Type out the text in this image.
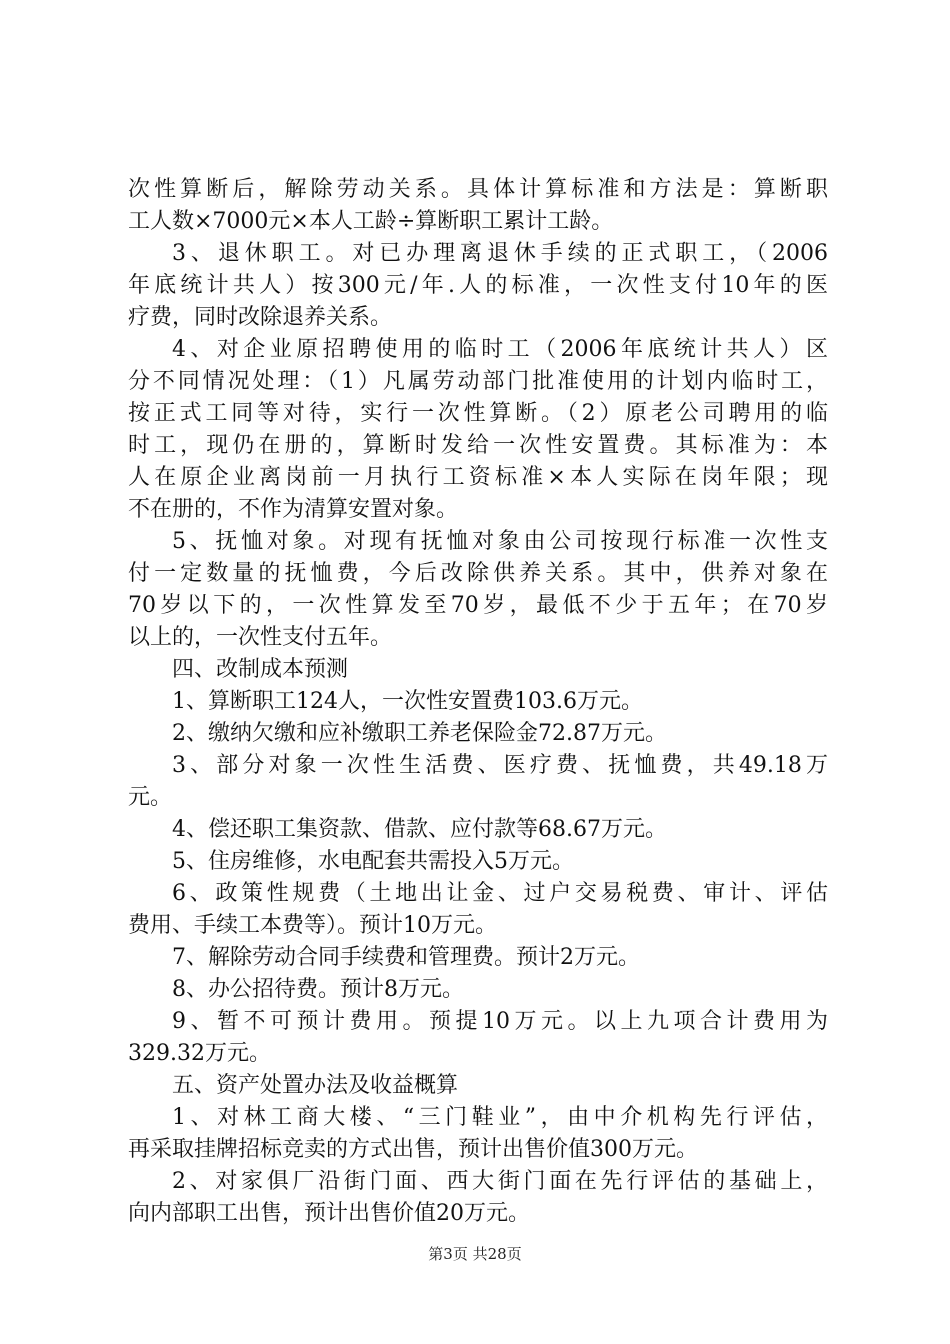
次性算断后，解除劳动关系。具体计算标准和方法是：算断职
工人数×7000元×本人工龄÷算断职工累计工龄。
3、退休职工。对已办理离退休手续的正式职工，（2006
年底统计共人）按300元/年.人的标准，一次性支付10年的医
疗费，同时改除退养关系。
4、对企业原招聘使用的临时工（2006年底统计共人）区
分不同情况处理：（1）凡属劳动部门批准使用的计划内临时工，
按正式工同等对待，实行一次性算断。（2）原老公司聘用的临
时工，现仍在册的，算断时发给一次性安置费。其标准为：本
人在原企业离岗前一月执行工资标准×本人实际在岗年限；现
不在册的，不作为清算安置对象。
5、抚恤对象。对现有抚恤对象由公司按现行标准一次性支
付一定数量的抚恤费，今后改除供养关系。其中，供养对象在
70岁以下的，一次性算发至70岁，最低不少于五年；在70岁
以上的，一次性支付五年。
四、改制成本预测
1、算断职工124人，一次性安置费103.6万元。
2、缴纳欠缴和应补缴职工养老保险金72.87万元。
3、部分对象一次性生活费、医疗费、抚恤费，共49.18万
元。
4、偿还职工集资款、借款、应付款等68.67万元。
5、住房维修，水电配套共需投入5万元。
6、政策性规费（土地出让金、过户交易税费、审计、评估
费用、手续工本费等）。预计10万元。
7、解除劳动合同手续费和管理费。预计2万元。
8、办公招待费。预计8万元。
9、暂不可预计费用。预提10万元。以上九项合计费用为
329.32万元。
五、资产处置办法及收益概算
1、对林工商大楼、“三门鞋业”，由中介机构先行评估，
再采取挂牌招标竞卖的方式出售，预计出售价值300万元。
2、对家俱厂沿街门面、西大街门面在先行评估的基础上，
向内部职工出售，预计出售价值20万元。
第3页 共28页
